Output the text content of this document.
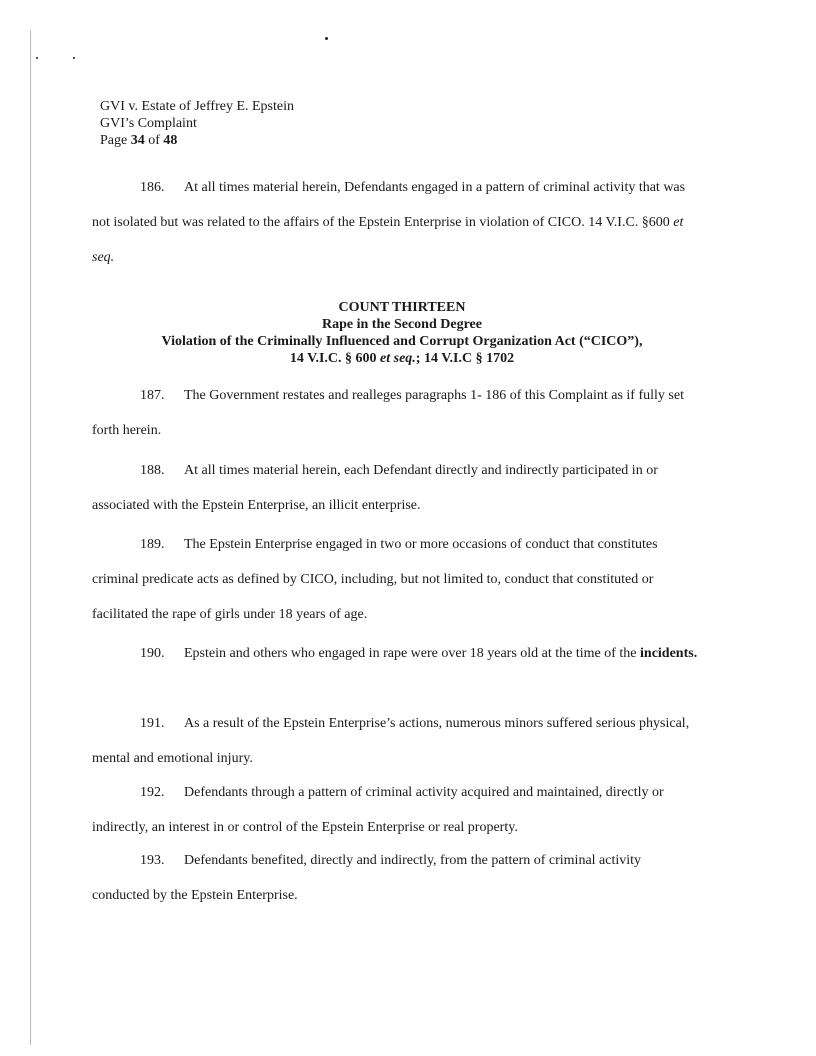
GVI v. Estate of Jeffrey E. Epstein
GVI’s Complaint
Page 34 of 48

186. At all times material herein, Defendants engaged in a pattern of criminal activity that was not isolated but was related to the affairs of the Epstein Enterprise in violation of CICO. 14 V.I.C. §600 et seq.

COUNT THIRTEEN
Rape in the Second Degree
Violation of the Criminally Influenced and Corrupt Organization Act (“CICO”),
14 V.I.C. § 600 et seq.; 14 V.I.C § 1702

187. The Government restates and realleges paragraphs 1- 186 of this Complaint as if fully set forth herein.

188. At all times material herein, each Defendant directly and indirectly participated in or associated with the Epstein Enterprise, an illicit enterprise.

189. The Epstein Enterprise engaged in two or more occasions of conduct that constitutes criminal predicate acts as defined by CICO, including, but not limited to, conduct that constituted or facilitated the rape of girls under 18 years of age.

190. Epstein and others who engaged in rape were over 18 years old at the time of the incidents.

191. As a result of the Epstein Enterprise’s actions, numerous minors suffered serious physical, mental and emotional injury.

192. Defendants through a pattern of criminal activity acquired and maintained, directly or indirectly, an interest in or control of the Epstein Enterprise or real property.

193. Defendants benefited, directly and indirectly, from the pattern of criminal activity conducted by the Epstein Enterprise.
